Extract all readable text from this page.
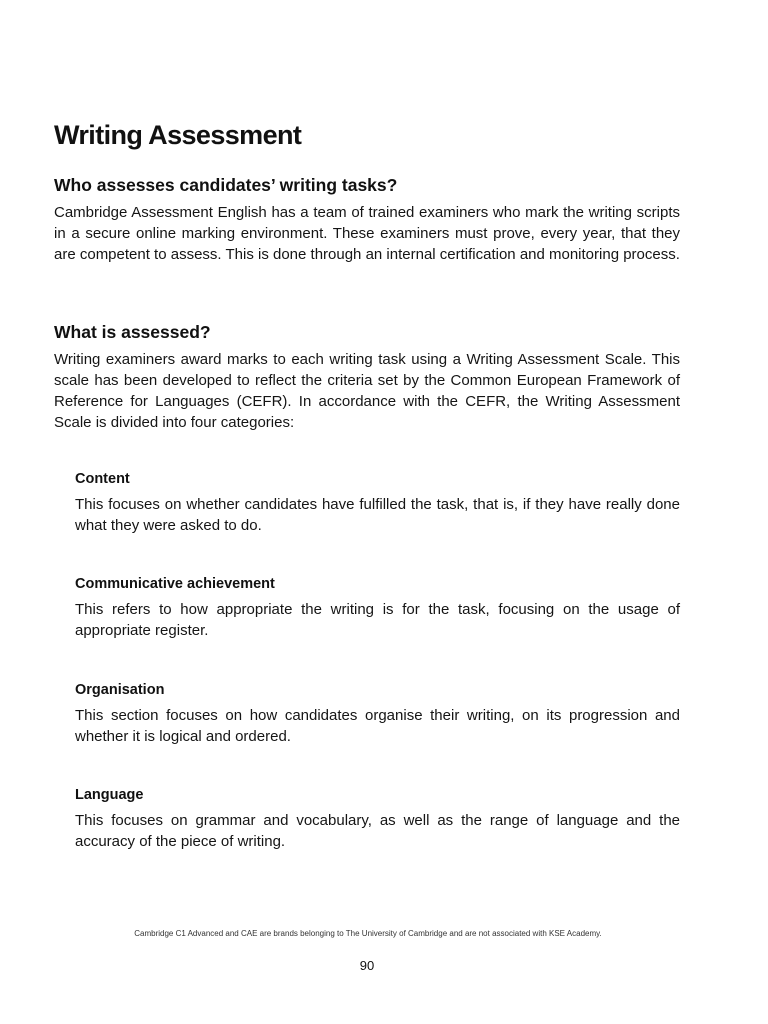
Writing Assessment
Who assesses candidates’ writing tasks?

Cambridge Assessment English has a team of trained examiners who mark the writing scripts in a secure online marking environment. These examiners must prove, every year, that they are competent to assess. This is done through an internal certification and monitoring process.

What is assessed?

Writing examiners award marks to each writing task using a Writing Assessment Scale. This scale has been developed to reflect the criteria set by the Common European Framework of Reference for Languages (CEFR). In accordance with the CEFR, the Writing Assessment Scale is divided into four categories:

Content

This focuses on whether candidates have fulfilled the task, that is, if they have really done what they were asked to do.

Communicative achievement

This refers to how appropriate the writing is for the task, focusing on the usage of appropriate register.

Organisation

This section focuses on how candidates organise their writing, on its progression and whether it is logical and ordered.

Language

This focuses on grammar and vocabulary, as well as the range of language and the accuracy of the piece of writing.

Cambridge C1 Advanced and CAE are brands belonging to The University of Cambridge and are not associated with KSE Academy.
90
